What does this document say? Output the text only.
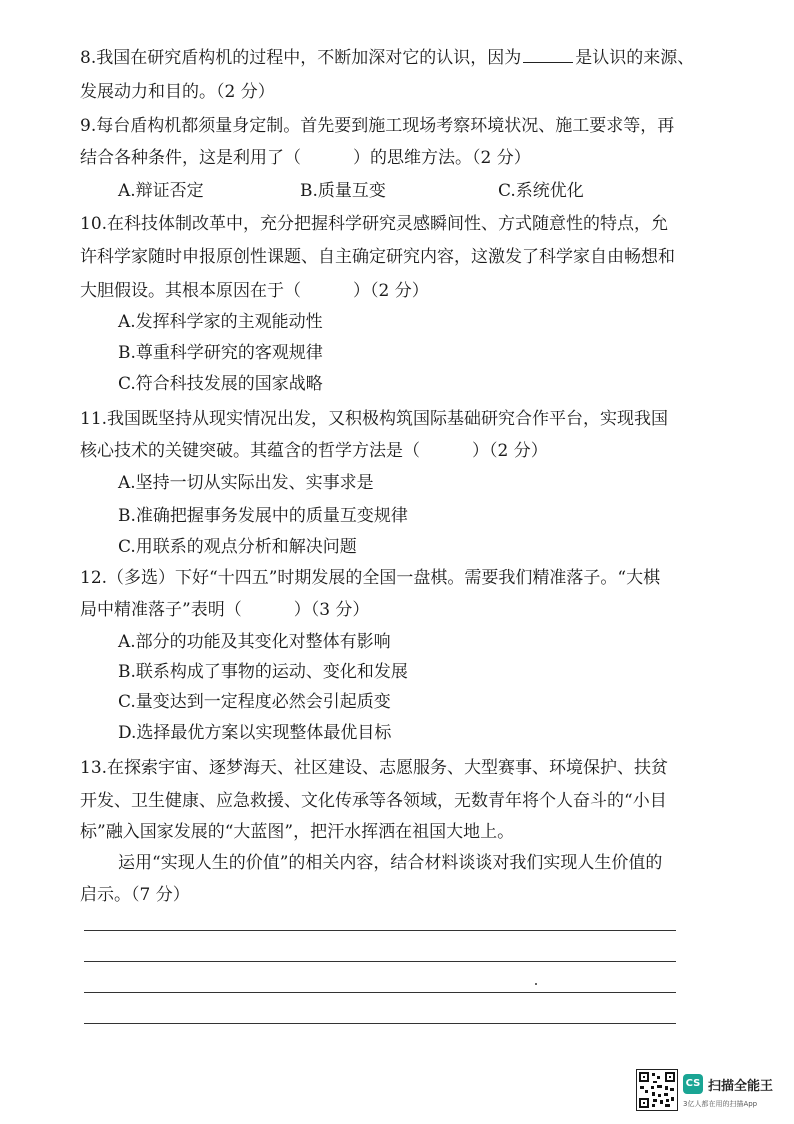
8.我国在研究盾构机的过程中，不断加深对它的认识，因为	是认识的来源、
发展动力和目的。（2 分）
9.每台盾构机都须量身定制。首先要到施工现场考察环境状况、施工要求等，再
结合各种条件，这是利用了（	）的思维方法。（2 分）
A.辩证否定	B.质量互变	C.系统优化
10.在科技体制改革中，充分把握科学研究灵感瞬间性、方式随意性的特点，允
许科学家随时申报原创性课题、自主确定研究内容，这激发了科学家自由畅想和
大胆假设。其根本原因在于（	）（2 分）
A.发挥科学家的主观能动性
B.尊重科学研究的客观规律
C.符合科技发展的国家战略
11.我国既坚持从现实情况出发，又积极构筑国际基础研究合作平台，实现我国
核心技术的关键突破。其蕴含的哲学方法是（	）（2 分）
A.坚持一切从实际出发、实事求是
B.准确把握事务发展中的质量互变规律
C.用联系的观点分析和解决问题
12.（多选）下好“十四五”时期发展的全国一盘棋。需要我们精准落子。“大棋
局中精准落子”表明（	）（3 分）
A.部分的功能及其变化对整体有影响
B.联系构成了事物的运动、变化和发展
C.量变达到一定程度必然会引起质变
D.选择最优方案以实现整体最优目标
13.在探索宇宙、逐梦海天、社区建设、志愿服务、大型赛事、环境保护、扶贫
开发、卫生健康、应急救援、文化传承等各领域，无数青年将个人奋斗的“小目
标”融入国家发展的“大蓝图”，把汗水挥洒在祖国大地上。
运用“实现人生的价值”的相关内容，结合材料谈谈对我们实现人生价值的
启示。（7 分）
CS 扫描全能王
3亿人都在用的扫描App
